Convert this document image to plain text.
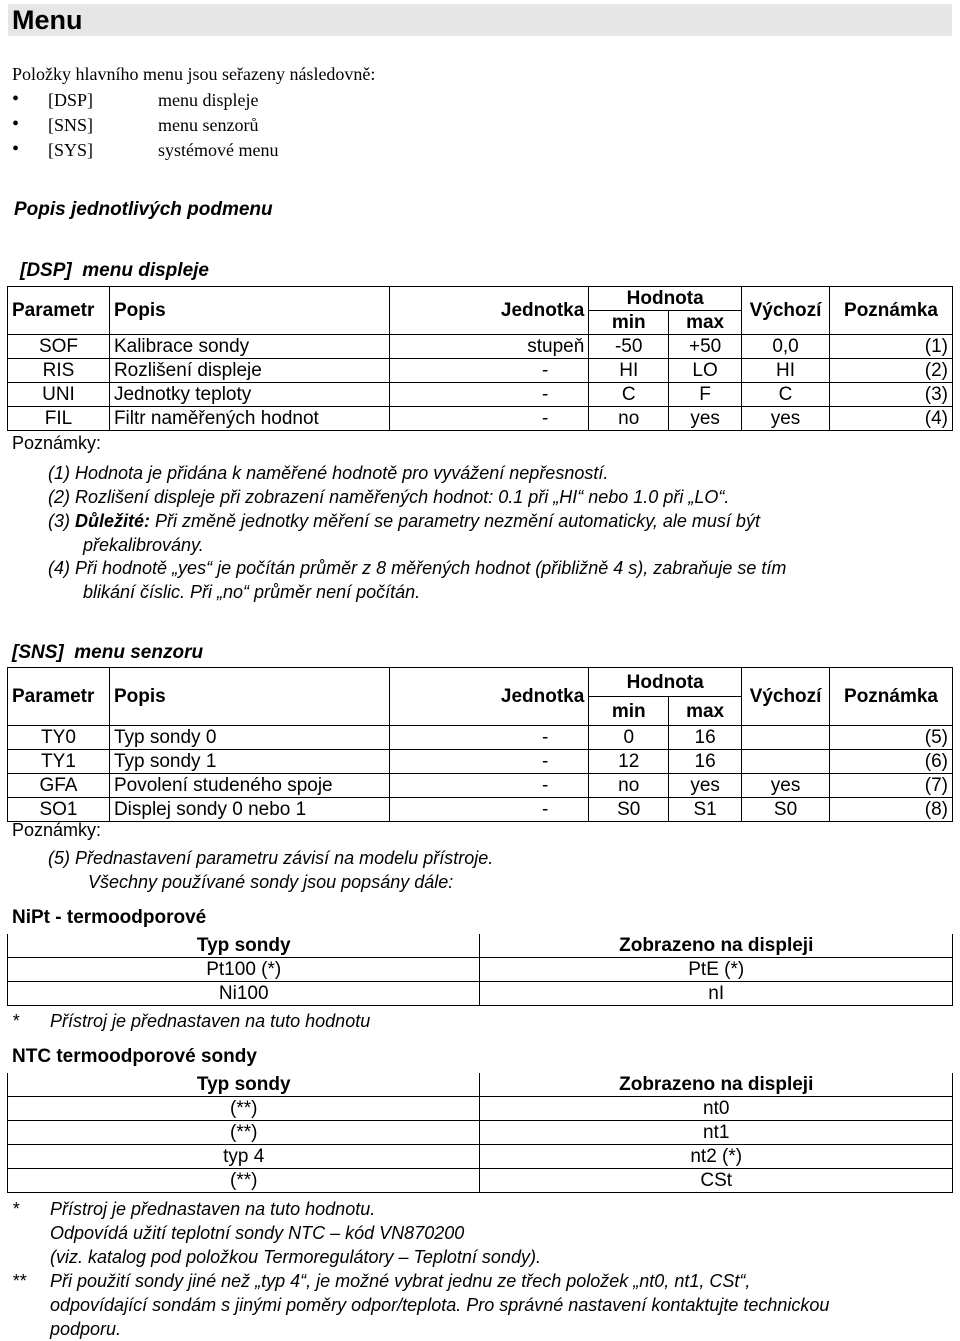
Menu
Položky hlavního menu jsou seřazeny následovně:
• [DSP]	menu displeje
• [SNS]	menu senzorů
• [SYS]	systémové menu
Popis jednotlivých podmenu
[DSP]  menu displeje
Parametr	Popis	Jednotka	Hodnota		Výchozí	Poznámka
			min	max		
SOF	Kalibrace sondy	stupeň	-50	+50	0,0	(1)
RIS	Rozlišení displeje	-	HI	LO	HI	(2)
UNI	Jednotky teploty	-	C	F	C	(3)
FIL	Filtr naměřených hodnot	-	no	yes	yes	(4)
Poznámky:
(1) Hodnota je přidána k naměřené hodnotě pro vyvážení nepřesností.
(2) Rozlišení displeje při zobrazení naměřených hodnot: 0.1 při „HI“ nebo 1.0 při „LO“.
(3) Důležité: Při změně jednotky měření se parametry nezmění automaticky, ale musí být
překalibrovány.
(4) Při hodnotě „yes“ je počítán průměr z 8 měřených hodnot (přibližně 4 s), zabraňuje se tím
blikání číslic. Při „no“ průměr není počítán.
[SNS]  menu senzoru
Parametr	Popis	Jednotka	Hodnota		Výchozí	Poznámka
			min	max		
TY0	Typ sondy 0	-	0	16		(5)
TY1	Typ sondy 1	-	12	16		(6)
GFA	Povolení studeného spoje	-	no	yes	yes	(7)
SO1	Displej sondy 0 nebo 1	-	S0	S1	S0	(8)
Poznámky:
(5) Přednastavení parametru závisí na modelu přístroje.
Všechny používané sondy jsou popsány dále:
NiPt - termoodporové
Typ sondy	Zobrazeno na displeji
Pt100 (*)	PtE (*)
Ni100	nI
* Přístroj je přednastaven na tuto hodnotu
NTC termoodporové sondy
Typ sondy	Zobrazeno na displeji
(**)	nt0
(**)	nt1
typ 4	nt2 (*)
(**)	CSt
* Přístroj je přednastaven na tuto hodnotu.
Odpovídá užití teplotní sondy NTC – kód VN870200
(viz. katalog pod položkou Termoregulátory – Teplotní sondy).
** Při použití sondy jiné než „typ 4“, je možné vybrat jednu ze třech položek „nt0, nt1, CSt“,
odpovídající sondám s jinými poměry odpor/teplota. Pro správné nastavení kontaktujte technickou
podporu.
